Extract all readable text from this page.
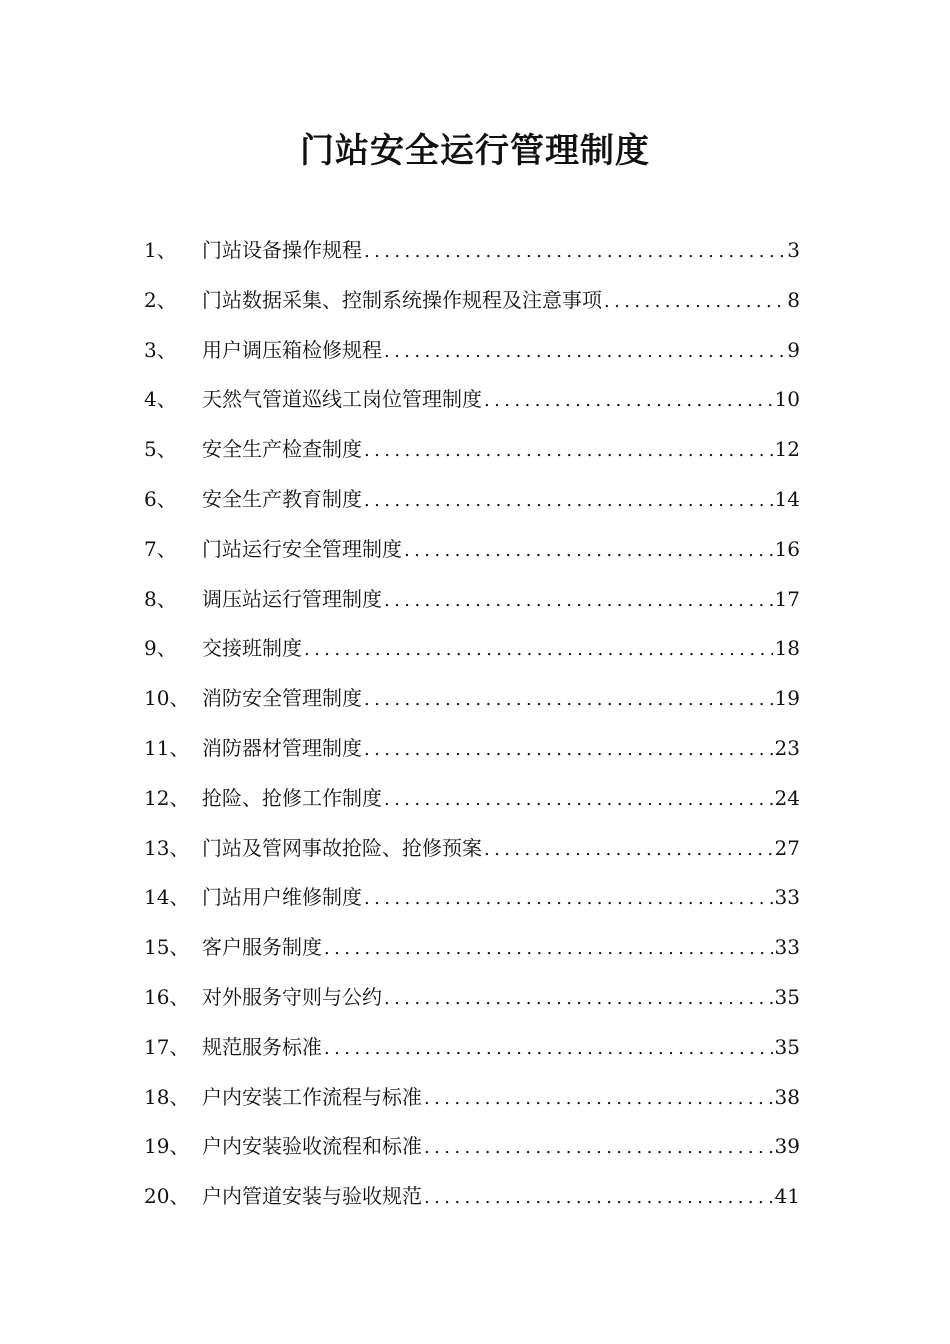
门站安全运行管理制度
1、 门站设备操作规程 .....	3
2、 门站数据采集、控制系统操作规程及注意事项 .....	8
3、 用户调压箱检修规程 .....	9
4、 天然气管道巡线工岗位管理制度 .....	10
5、 安全生产检查制度 .....	12
6、 安全生产教育制度 .....	14
7、 门站运行安全管理制度 .....	16
8、 调压站运行管理制度 .....	17
9、 交接班制度 .....	18
10、 消防安全管理制度 .....	19
11、 消防器材管理制度 .....	23
12、 抢险、抢修工作制度 .....	24
13、 门站及管网事故抢险、抢修预案 .....	27
14、 门站用户维修制度 .....	33
15、 客户服务制度 .....	33
16、 对外服务守则与公约 .....	35
17、 规范服务标准 .....	35
18、 户内安装工作流程与标准 .....	38
19、 户内安装验收流程和标准 .....	39
20、 户内管道安装与验收规范 .....	41
